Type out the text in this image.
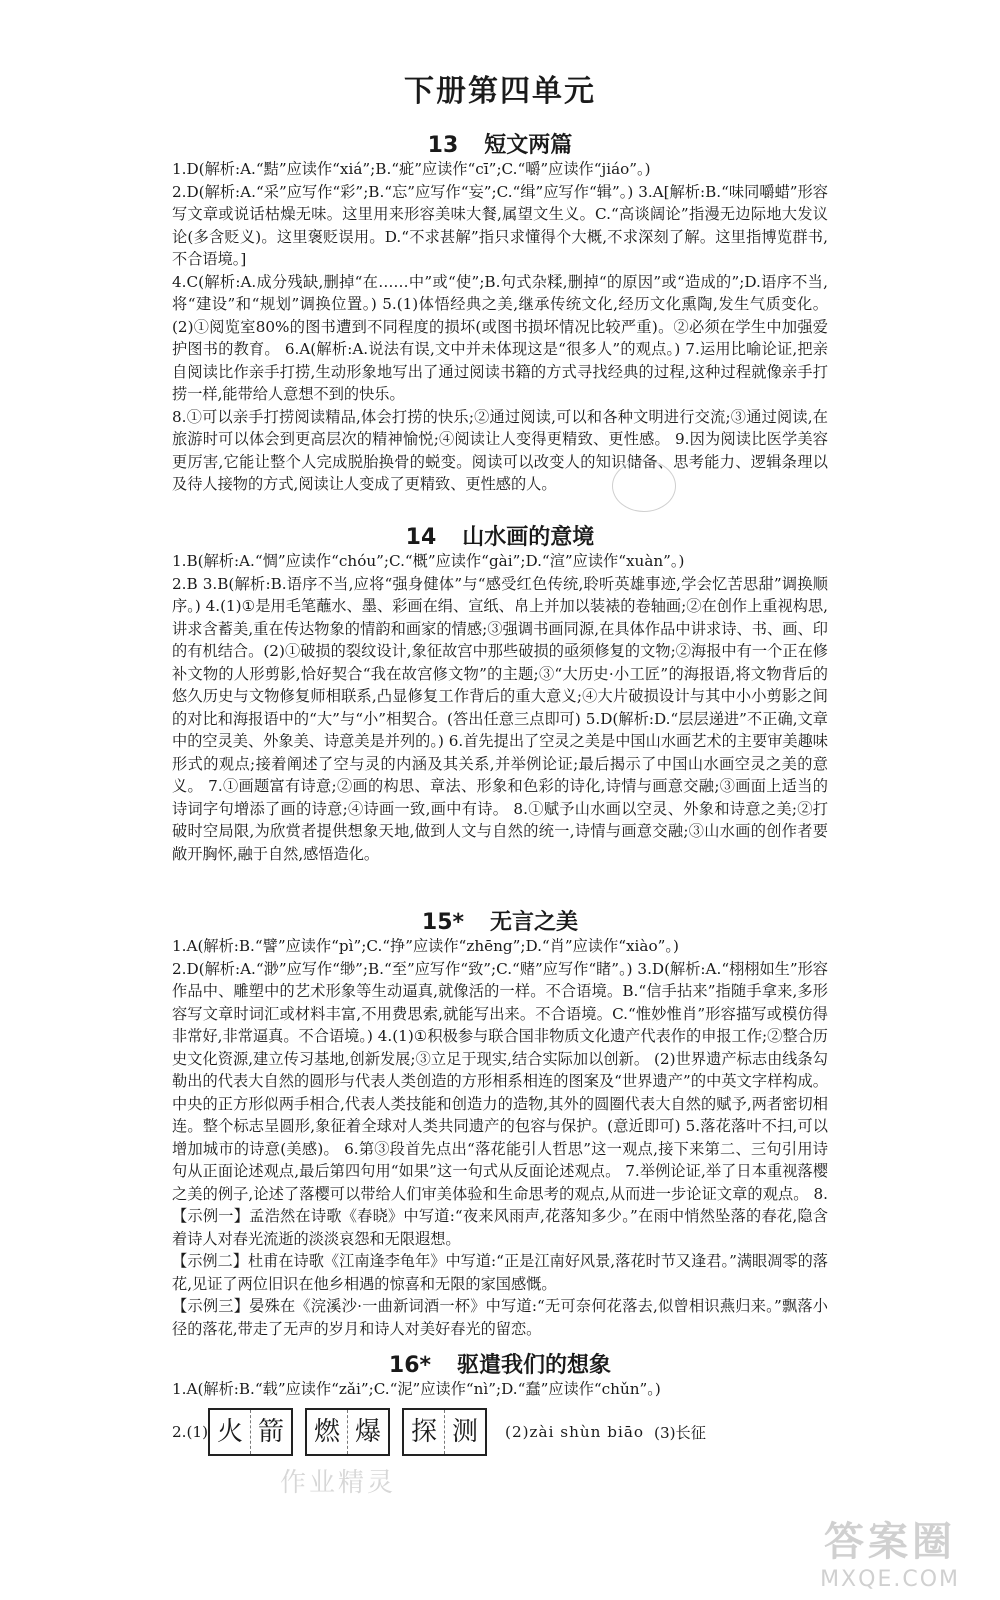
下册第四单元
13 短文两篇

1.D(解析:A.“黠”应读作“xiá”;B.“疵”应读作“cī”;C.“嚼”应读作“jiáo”。)

2.D(解析:A.“采”应写作“彩”;B.“忘”应写作“妄”;C.“缉”应写作“辑”。) 3.A[解析:B.“味同嚼蜡”形容写文章或说话枯燥无味。这里用来形容美味大餐,属望文生义。C.“高谈阔论”指漫无边际地大发议论(多含贬义)。这里褒贬误用。D.“不求甚解”指只求懂得个大概,不求深刻了解。这里指博览群书,不合语境。]

4.C(解析:A.成分残缺,删掉“在……中”或“使”;B.句式杂糅,删掉“的原因”或“造成的”;D.语序不当,将“建设”和“规划”调换位置。) 5.(1)体悟经典之美,继承传统文化,经历文化熏陶,发生气质变化。 (2)①阅览室80%的图书遭到不同程度的损坏(或图书损坏情况比较严重)。②必须在学生中加强爱护图书的教育。 6.A(解析:A.说法有误,文中并未体现这是“很多人”的观点。) 7.运用比喻论证,把亲自阅读比作亲手打捞,生动形象地写出了通过阅读书籍的方式寻找经典的过程,这种过程就像亲手打捞一样,能带给人意想不到的快乐。

8.①可以亲手打捞阅读精品,体会打捞的快乐;②通过阅读,可以和各种文明进行交流;③通过阅读,在旅游时可以体会到更高层次的精神愉悦;④阅读让人变得更精致、更性感。 9.因为阅读比医学美容更厉害,它能让整个人完成脱胎换骨的蜕变。阅读可以改变人的知识储备、思考能力、逻辑条理以及待人接物的方式,阅读让人变成了更精致、更性感的人。

14 山水画的意境

1.B(解析:A.“惆”应读作“chóu”;C.“概”应读作“gài”;D.“渲”应读作“xuàn”。)

2.B 3.B(解析:B.语序不当,应将“强身健体”与“感受红色传统,聆听英雄事迹,学会忆苦思甜”调换顺序。) 4.(1)①是用毛笔蘸水、墨、彩画在绢、宣纸、帛上并加以装裱的卷轴画;②在创作上重视构思,讲求含蓄美,重在传达物象的情韵和画家的情感;③强调书画同源,在具体作品中讲求诗、书、画、印的有机结合。(2)①破损的裂纹设计,象征故宫中那些破损的亟须修复的文物;②海报中有一个正在修补文物的人形剪影,恰好契合“我在故宫修文物”的主题;③“大历史·小工匠”的海报语,将文物背后的悠久历史与文物修复师相联系,凸显修复工作背后的重大意义;④大片破损设计与其中小小剪影之间的对比和海报语中的“大”与“小”相契合。(答出任意三点即可) 5.D(解析:D.“层层递进”不正确,文章中的空灵美、外象美、诗意美是并列的。) 6.首先提出了空灵之美是中国山水画艺术的主要审美趣味形式的观点;接着阐述了空与灵的内涵及其关系,并举例论证;最后揭示了中国山水画空灵之美的意义。 7.①画题富有诗意;②画的构思、章法、形象和色彩的诗化,诗情与画意交融;③画面上适当的诗词字句增添了画的诗意;④诗画一致,画中有诗。 8.①赋予山水画以空灵、外象和诗意之美;②打破时空局限,为欣赏者提供想象天地,做到人文与自然的统一,诗情与画意交融;③山水画的创作者要敞开胸怀,融于自然,感悟造化。

15* 无言之美

1.A(解析:B.“譬”应读作“pì”;C.“挣”应读作“zhēng”;D.“肖”应读作“xiào”。)

2.D(解析:A.“渺”应写作“缈”;B.“至”应写作“致”;C.“赌”应写作“睹”。) 3.D(解析:A.“栩栩如生”形容作品中、雕塑中的艺术形象等生动逼真,就像活的一样。不合语境。B.“信手拈来”指随手拿来,多形容写文章时词汇或材料丰富,不用费思索,就能写出来。不合语境。C.“惟妙惟肖”形容描写或模仿得非常好,非常逼真。不合语境。) 4.(1)①积极参与联合国非物质文化遗产代表作的申报工作;②整合历史文化资源,建立传习基地,创新发展;③立足于现实,结合实际加以创新。 (2)世界遗产标志由线条勾勒出的代表大自然的圆形与代表人类创造的方形相系相连的图案及“世界遗产”的中英文字样构成。中央的正方形似两手相合,代表人类技能和创造力的造物,其外的圆圈代表大自然的赋予,两者密切相连。整个标志呈圆形,象征着全球对人类共同遗产的包容与保护。(意近即可) 5.落花落叶不扫,可以增加城市的诗意(美感)。 6.第③段首先点出“落花能引人哲思”这一观点,接下来第二、三句引用诗句从正面论述观点,最后第四句用“如果”这一句式从反面论述观点。 7.举例论证,举了日本重视落樱之美的例子,论述了落樱可以带给人们审美体验和生命思考的观点,从而进一步论证文章的观点。 8.【示例一】孟浩然在诗歌《春晓》中写道:“夜来风雨声,花落知多少。”在雨中悄然坠落的春花,隐含着诗人对春光流逝的淡淡哀怨和无限遐想。

【示例二】杜甫在诗歌《江南逢李龟年》中写道:“正是江南好风景,落花时节又逢君。”满眼凋零的落花,见证了两位旧识在他乡相遇的惊喜和无限的家国感慨。

【示例三】晏殊在《浣溪沙·一曲新词酒一杯》中写道:“无可奈何花落去,似曾相识燕归来。”飘落小径的落花,带走了无声的岁月和诗人对美好春光的留恋。

16* 驱遣我们的想象

1.A(解析:B.“载”应读作“zǎi”;C.“泥”应读作“nì”;D.“蠢”应读作“chǔn”。)

2.(1) 火 箭 燃 爆 探 测	(2)zài shùn biāo (3)长征
作业精灵
答案圈
MXQE.COM
